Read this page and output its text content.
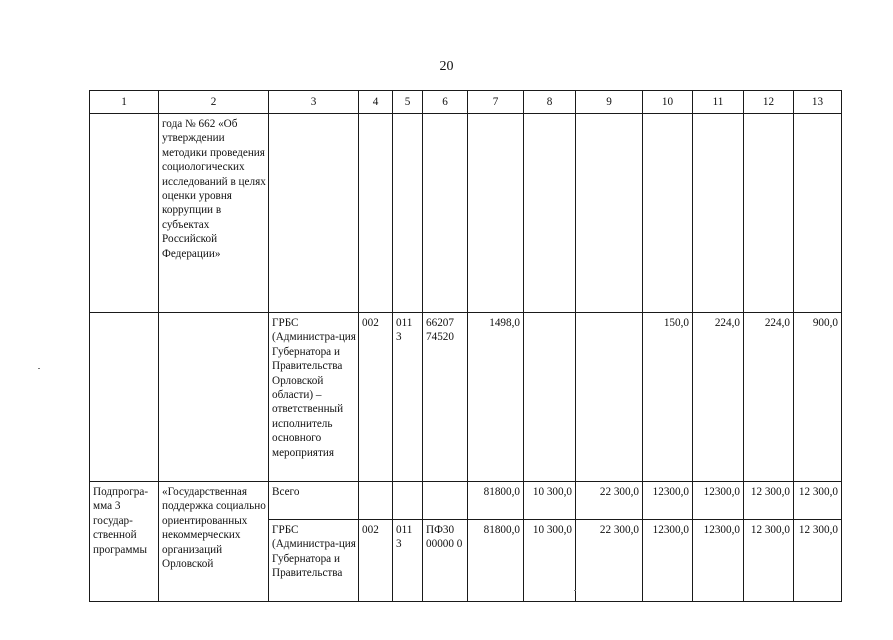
20
1	2	3	4	5	6	7	8	9	10	11	12	13
	года № 662 «Об утверждении методики проведения социологических исследований в целях оценки уровня коррупции в субъектах Российской Федерации»											
		ГРБС (Администра-ция Губернатора и Правительства Орловской области) – ответственный исполнитель основного мероприятия	002	011 3	66207 74520	1498,0			150,0	224,0	224,0	900,0
Подпрогра-мма 3 государ-ственной программы	«Государственная поддержка социально ориентированных некоммерческих организаций Орловской	Всего				81800,0	10 300,0	22 300,0	12300,0	12300,0	12 300,0	12 300,0
		ГРБС (Администра-ция Губернатора и Правительства	002	011 3	ПФ30 00000 0	81800,0	10 300,0	22 300,0	12300,0	12300,0	12 300,0	12 300,0
